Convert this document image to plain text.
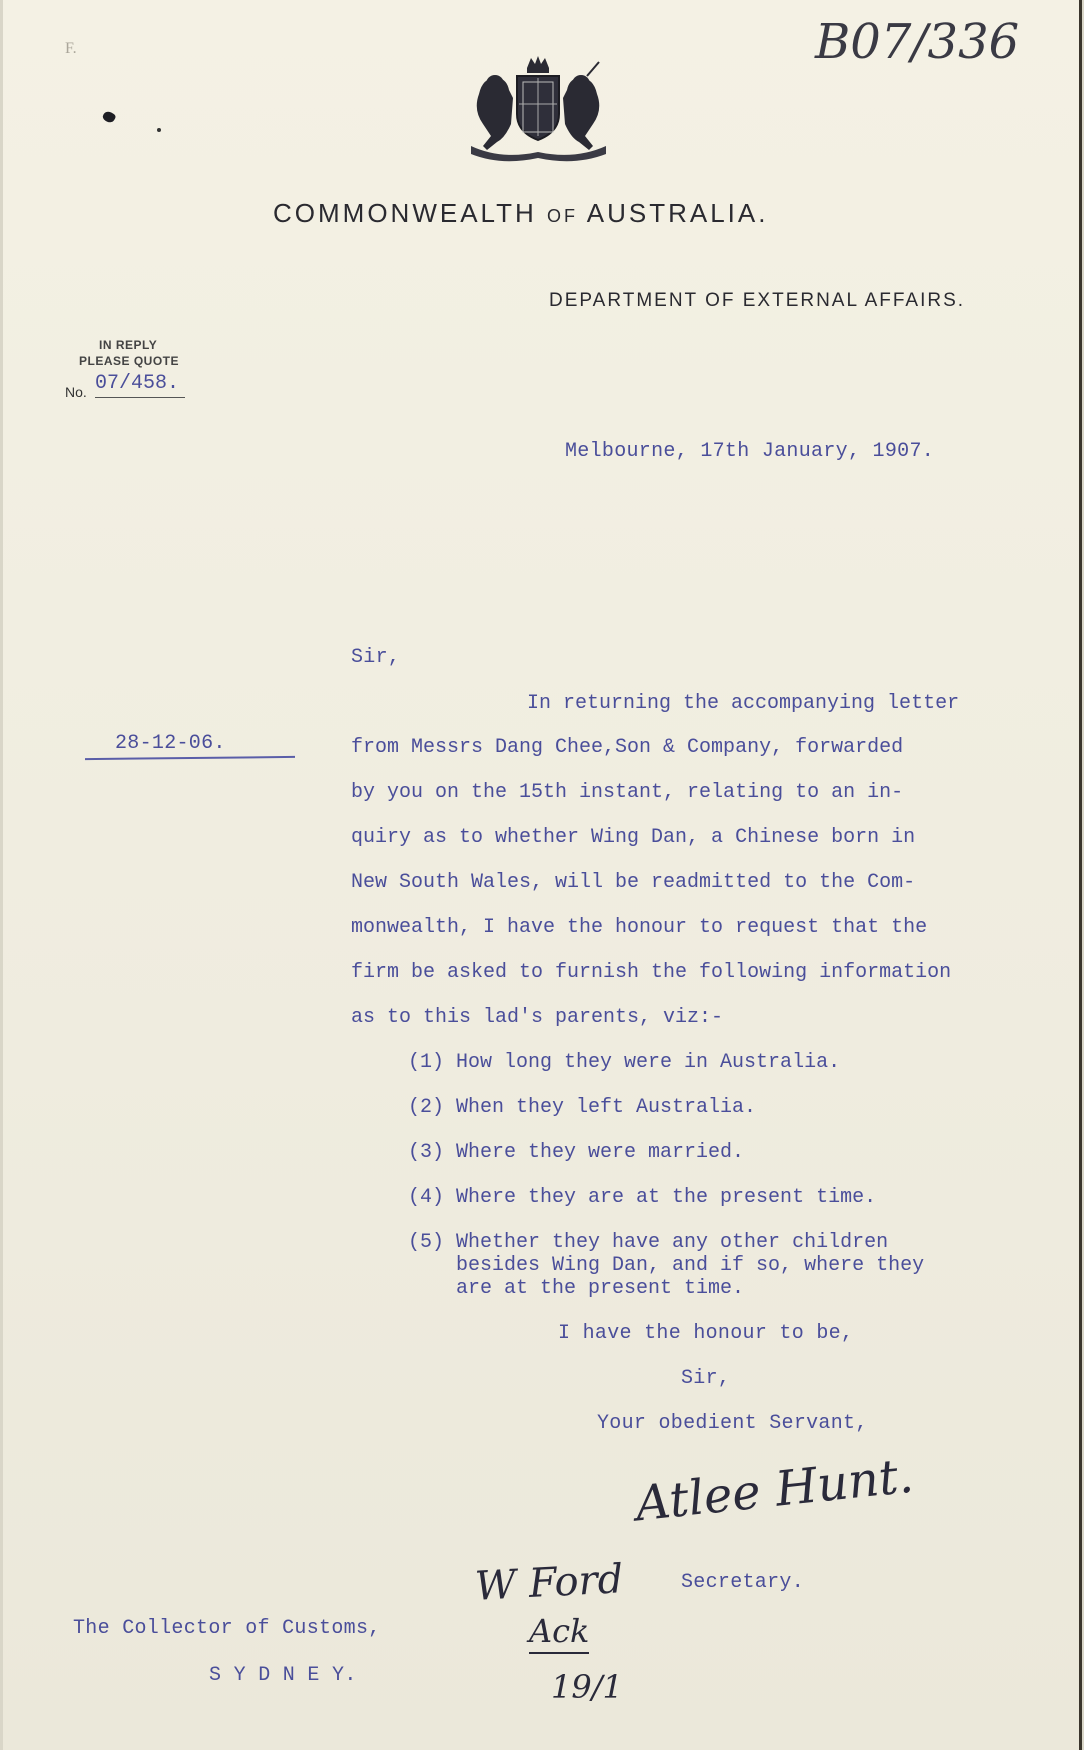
B07/336
F.
COMMONWEALTH OF AUSTRALIA.
DEPARTMENT OF EXTERNAL AFFAIRS.
IN REPLY
PLEASE QUOTE
No. 07/458.
Melbourne, 17th January, 1907.
28-12-06.
Sir,
In returning the accompanying letter
from Messrs Dang Chee,Son & Company, forwarded
by you on the 15th instant, relating to an in-
quiry as to whether Wing Dan, a Chinese born in
New South Wales, will be readmitted to the Com-
monwealth, I have the honour to request that the
firm be asked to furnish the following information
as to this lad's parents, viz:-
(1) How long they were in Australia.
(2) When they left Australia.
(3) Where they were married.
(4) Where they are at the present time.
(5) Whether they have any other children
besides Wing Dan, and if so, where they
are at the present time.
I have the honour to be,
Sir,
Your obedient Servant,
Atlee Hunt.
Secretary.
W Ford
Ack
19/1
The Collector of Customs,
S Y D N E Y.
